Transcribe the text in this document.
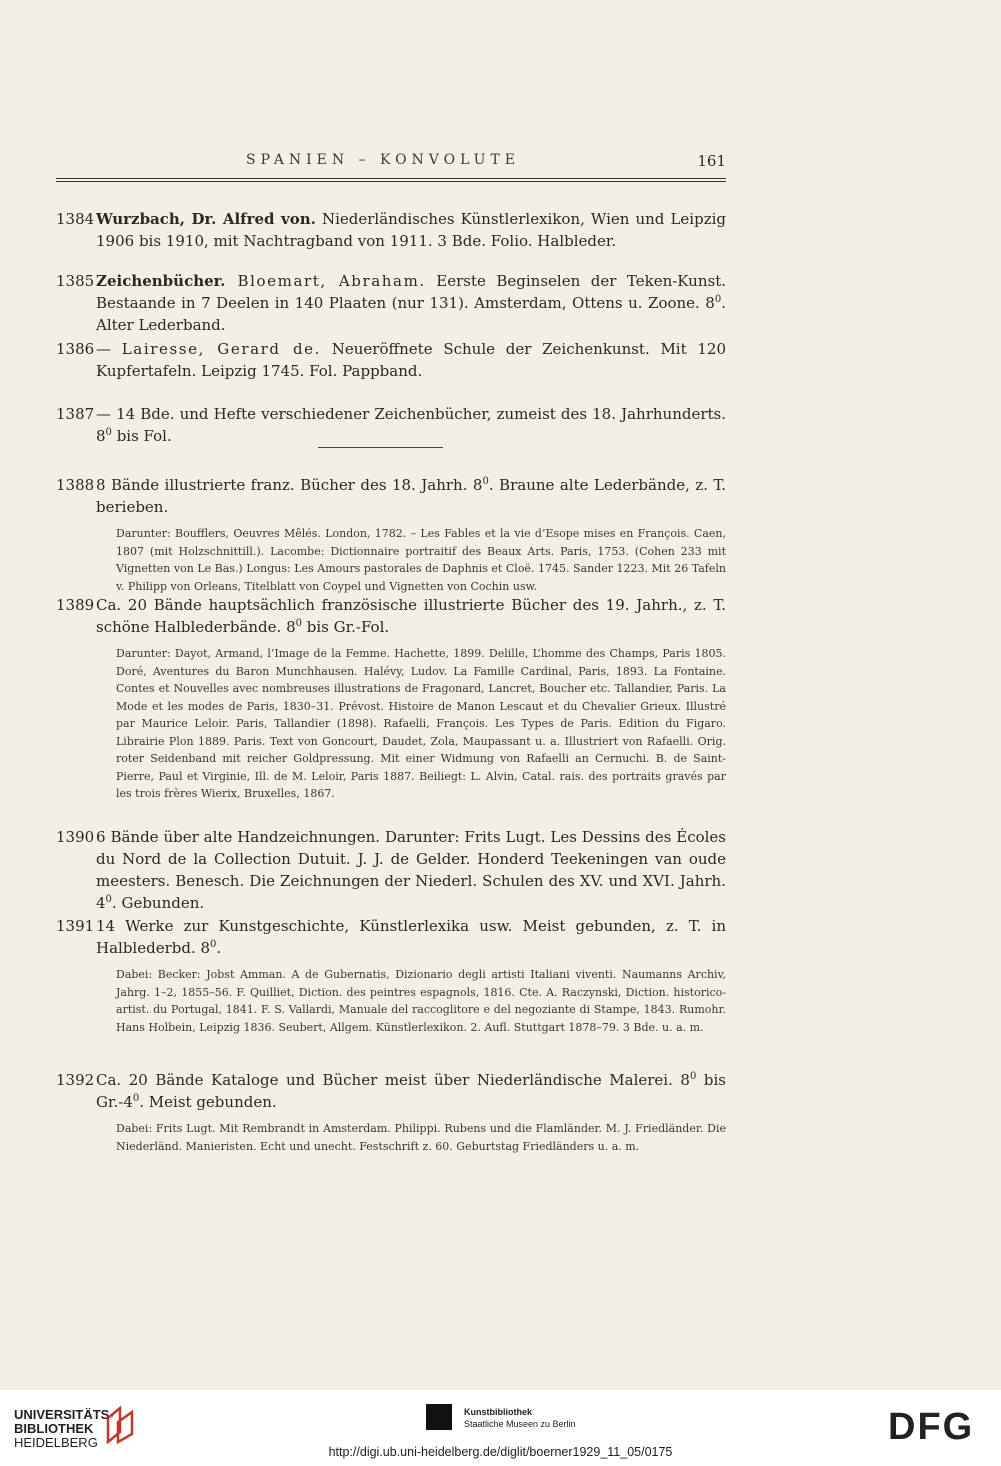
SPANIEN – KONVOLUTE	161
1384 Wurzbach, Dr. Alfred von. Niederländisches Künstlerlexikon, Wien und Leipzig 1906 bis 1910, mit Nachtragband von 1911. 3 Bde. Folio. Halbleder.
1385 Zeichenbücher. Bloemart, Abraham. Eerste Beginselen der Teken-Kunst. Bestaande in 7 Deelen in 140 Plaaten (nur 131). Amsterdam, Ottens u. Zoone. $8^0$. Alter Lederband.
1386 — Lairesse, Gerard de. Neueröffnete Schule der Zeichenkunst. Mit 120 Kupfertafeln. Leipzig 1745. Fol. Pappband.
1387 — 14 Bde. und Hefte verschiedener Zeichenbücher, zumeist des 18. Jahrhunderts. $8^0$ bis Fol.
1388 8 Bände illustrierte franz. Bücher des 18. Jahrh. $8^0$. Braune alte Lederbände, z. T. berieben.
Darunter: Boufflers, Oeuvres Mêlés. London, 1782. – Les Fables et la vie d’Esope mises en François. Caen, 1807 (mit Holzschnittill.). Lacombe: Dictionnaire portraitif des Beaux Arts. Paris, 1753. (Cohen 233 mit Vignetten von Le Bas.) Longus: Les Amours pastorales de Daphnis et Cloë. 1745. Sander 1223. Mit 26 Tafeln v. Philipp von Orleans, Titelblatt von Coypel und Vignetten von Cochin usw.
1389 Ca. 20 Bände hauptsächlich französische illustrierte Bücher des 19. Jahrh., z. T. schöne Halblederbände. $8^0$ bis Gr.-Fol.
Darunter: Dayot, Armand, l’Image de la Femme. Hachette, 1899. Delille, L’homme des Champs, Paris 1805. Doré, Aventures du Baron Munchhausen. Halévy, Ludov. La Famille Cardinal, Paris, 1893. La Fontaine. Contes et Nouvelles avec nombreuses illustrations de Fragonard, Lancret, Boucher etc. Tallandier, Paris. La Mode et les modes de Paris, 1830–31. Prévost. Histoire de Manon Lescaut et du Chevalier Grieux. Illustré par Maurice Leloir. Paris, Tallandier (1898). Rafaelli, François. Les Types de Paris. Edition du Figaro. Librairie Plon 1889. Paris. Text von Goncourt, Daudet, Zola, Maupassant u. a. Illustriert von Rafaelli. Orig. roter Seidenband mit reicher Goldpressung. Mit einer Widmung von Rafaelli an Cernuchi. B. de Saint-Pierre, Paul et Virginie, Ill. de M. Leloir, Paris 1887. Beiliegt: L. Alvin, Catal. rais. des portraits gravés par les trois frères Wierix, Bruxelles, 1867.
1390 6 Bände über alte Handzeichnungen. Darunter: Frits Lugt. Les Dessins des Écoles du Nord de la Collection Dutuit. J. J. de Gelder. Honderd Teekeningen van oude meesters. Benesch. Die Zeichnungen der Niederl. Schulen des XV. und XVI. Jahrh. $4^0$. Gebunden.
1391 14 Werke zur Kunstgeschichte, Künstlerlexika usw. Meist gebunden, z. T. in Halblederbd. $8^0$.
Dabei: Becker: Jobst Amman. A de Gubernatis, Dizionario degli artisti Italiani viventi. Naumanns Archiv, Jahrg. 1–2, 1855–56. F. Quilliet, Diction. des peintres espagnols, 1816. Cte. A. Raczynski, Diction. historico-artist. du Portugal, 1841. F. S. Vallardi, Manuale del raccoglitore e del negoziante di Stampe, 1843. Rumohr. Hans Holbein, Leipzig 1836. Seubert, Allgem. Künstlerlexikon. 2. Aufl. Stuttgart 1878–79. 3 Bde. u. a. m.
1392 Ca. 20 Bände Kataloge und Bücher meist über Niederländische Malerei. $8^0$ bis $Gr.-4^0$. Meist gebunden.
Dabei: Frits Lugt. Mit Rembrandt in Amsterdam. Philippi. Rubens und die Flamländer. M. J. Friedländer. Die Niederländ. Manieristen. Echt und unecht. Festschrift z. 60. Geburtstag Friedländers u. a. m.
UNIVERSITÄTS-
BIBLIOTHEK
HEIDELBERG
Kunstbibliothek
Staatliche Museen zu Berlin	DFG
http://digi.ub.uni-heidelberg.de/diglit/boerner1929_11_05/0175
